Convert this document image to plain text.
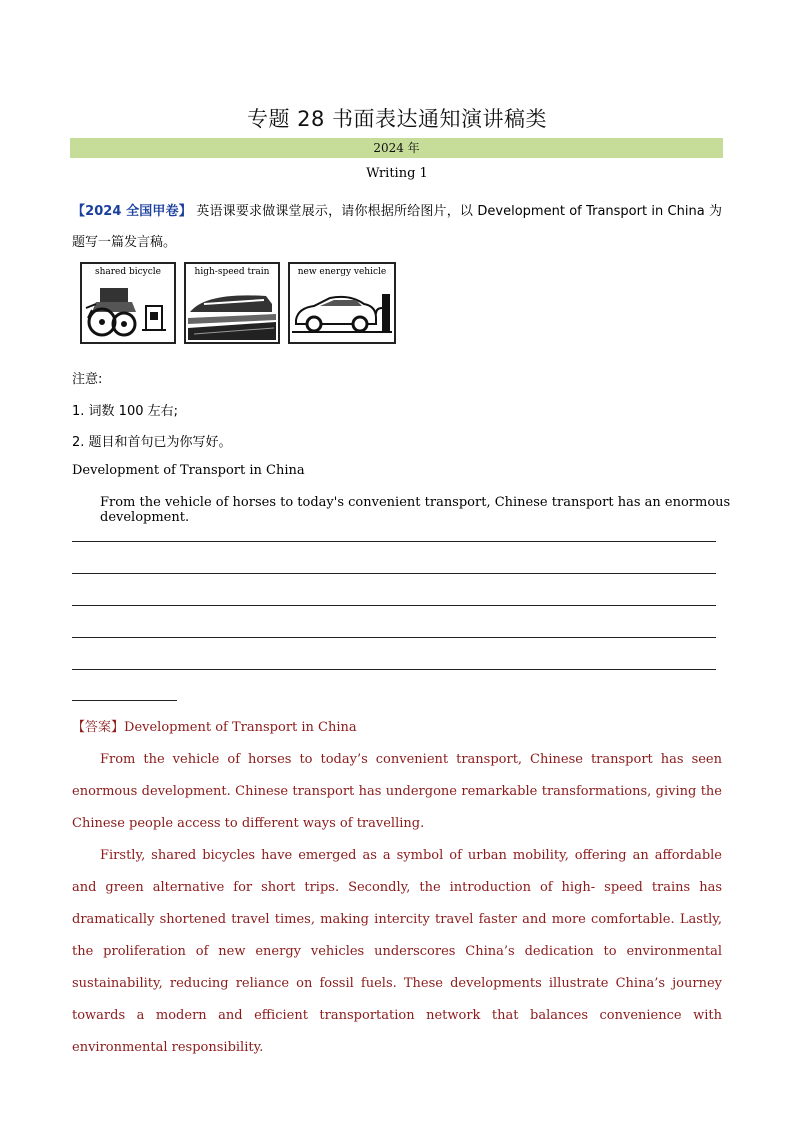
专题 28 书面表达通知演讲稿类
2024 年
Writing 1
【2024 全国甲卷】 英语课要求做课堂展示，请你根据所给图片，以 Development of Transport in China 为题写一篇发言稿。
shared bicycle	high-speed train	new energy vehicle
注意:
1. 词数 100 左右;
2. 题目和首句已为你写好。
Development of Transport in China
From the vehicle of horses to today's convenient transport, Chinese transport has an enormous development.

【答案】Development of Transport in China

From the vehicle of horses to today’s convenient transport, Chinese transport has seen enormous development. Chinese transport has undergone remarkable transformations, giving the Chinese people access to different ways of travelling.

Firstly, shared bicycles have emerged as a symbol of urban mobility, offering an affordable and green alternative for short trips. Secondly, the introduction of high- speed trains has dramatically shortened travel times, making intercity travel faster and more comfortable. Lastly, the proliferation of new energy vehicles underscores China’s dedication to environmental sustainability, reducing reliance on fossil fuels. These developments illustrate China’s journey towards a modern and efficient transportation network that balances convenience with environmental responsibility.
